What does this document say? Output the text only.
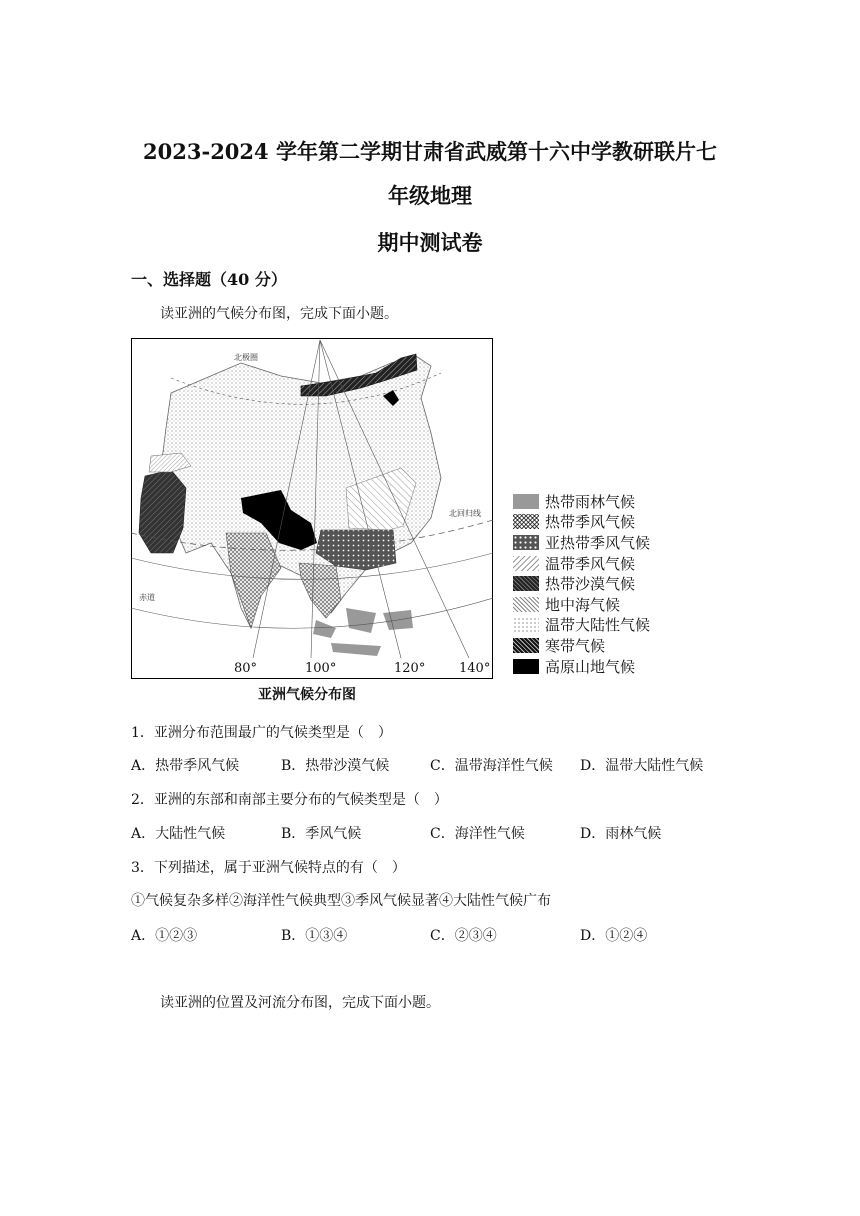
2023-2024 学年第二学期甘肃省武威第十六中学教研联片七
年级地理
期中测试卷
一、选择题（40 分）
读亚洲的气候分布图，完成下面小题。
北极圈
北回归线
赤道
80°	100°	120°	140°
热带雨林气候
热带季风气候
亚热带季风气候
温带季风气候
热带沙漠气候
地中海气候
温带大陆性气候
寒带气候
高原山地气候
亚洲气候分布图
1．亚洲分布范围最广的气候类型是（　）
A．热带季风气候	B．热带沙漠气候	C．温带海洋性气候 D．温带大陆性气候
2．亚洲的东部和南部主要分布的气候类型是（　）
A．大陆性气候	B．季风气候	C．海洋性气候	D．雨林气候
3．下列描述，属于亚洲气候特点的有（　）
①气候复杂多样②海洋性气候典型③季风气候显著④大陆性气候广布
A．①②③	B．①③④	C．②③④	D．①②④
读亚洲的位置及河流分布图，完成下面小题。
